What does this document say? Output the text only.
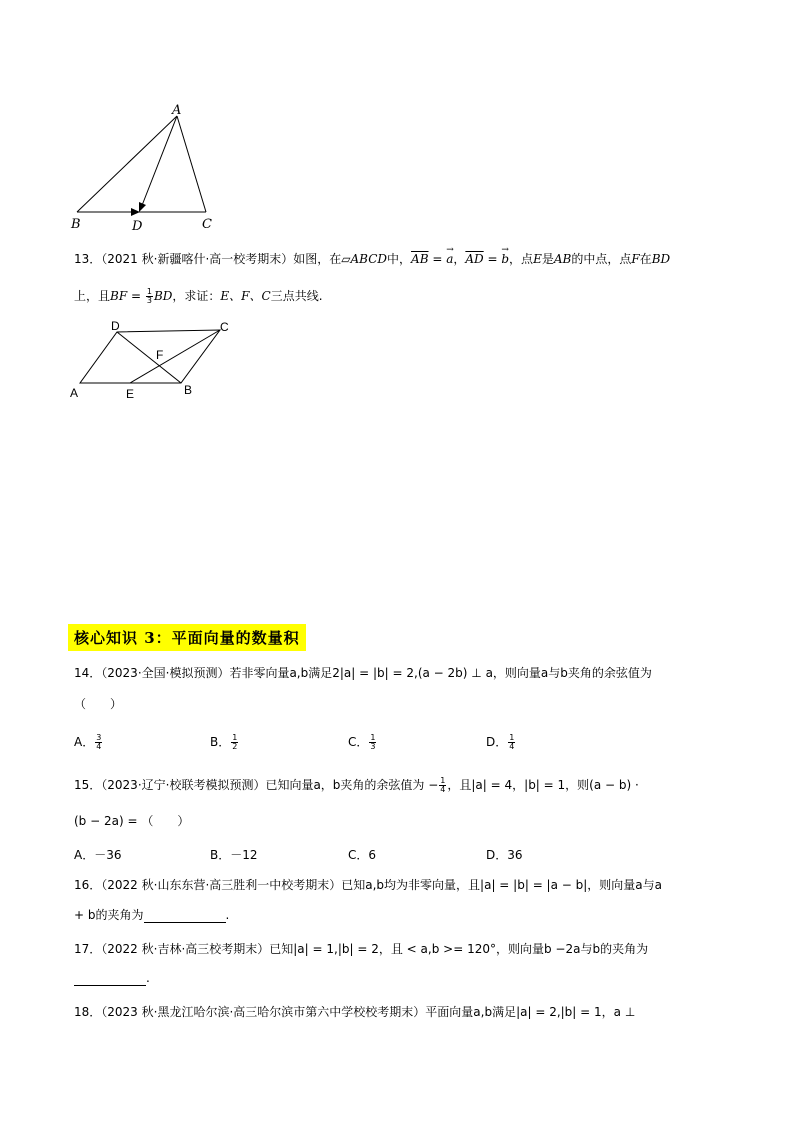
A
B	D	C
13．（2021 秋·新疆喀什·高一校考期末）如图，在▱ABCD中，$\overline{AB}$ = → a，$\overline{AD}$ = → b，点E是AB的中点，点F在BD
上，且BF = $\frac{1}{3}$ BD，求证：E、F、C三点共线.
D	C
F
A	E	B
核心知识 3：平面向量的数量积
14．（2023·全国·模拟预测）若非零向量a,b满足2|a| = |b| = 2,(a − 2b) ⊥ a，则向量a与b夹角的余弦值为
（　　）
A． $\frac{3}{4}$	B． $\frac{1}{2}$	C． $\frac{1}{3}$	D． $\frac{1}{4}$
15．（2023·辽宁·校联考模拟预测）已知向量a，b夹角的余弦值为 − $\frac{1}{4}$ ，且|a| = 4，|b| = 1，则(a − b) ·
(b − 2a) = （　　）
A．－36	B．－12	C．6	D．36
16．（2022 秋·山东东营·高三胜利一中校考期末）已知a,b均为非零向量，且|a| = |b| = |a − b|，则向量a与a
+ b的夹角为	.
17．（2022 秋·吉林·高三校考期末）已知|a| = 1,|b| = 2，且 < a,b >= 120°，则向量b −2a与b的夹角为
.
18．（2023 秋·黑龙江哈尔滨·高三哈尔滨市第六中学校校考期末）平面向量a,b满足|a| = 2,|b| = 1，a ⊥
